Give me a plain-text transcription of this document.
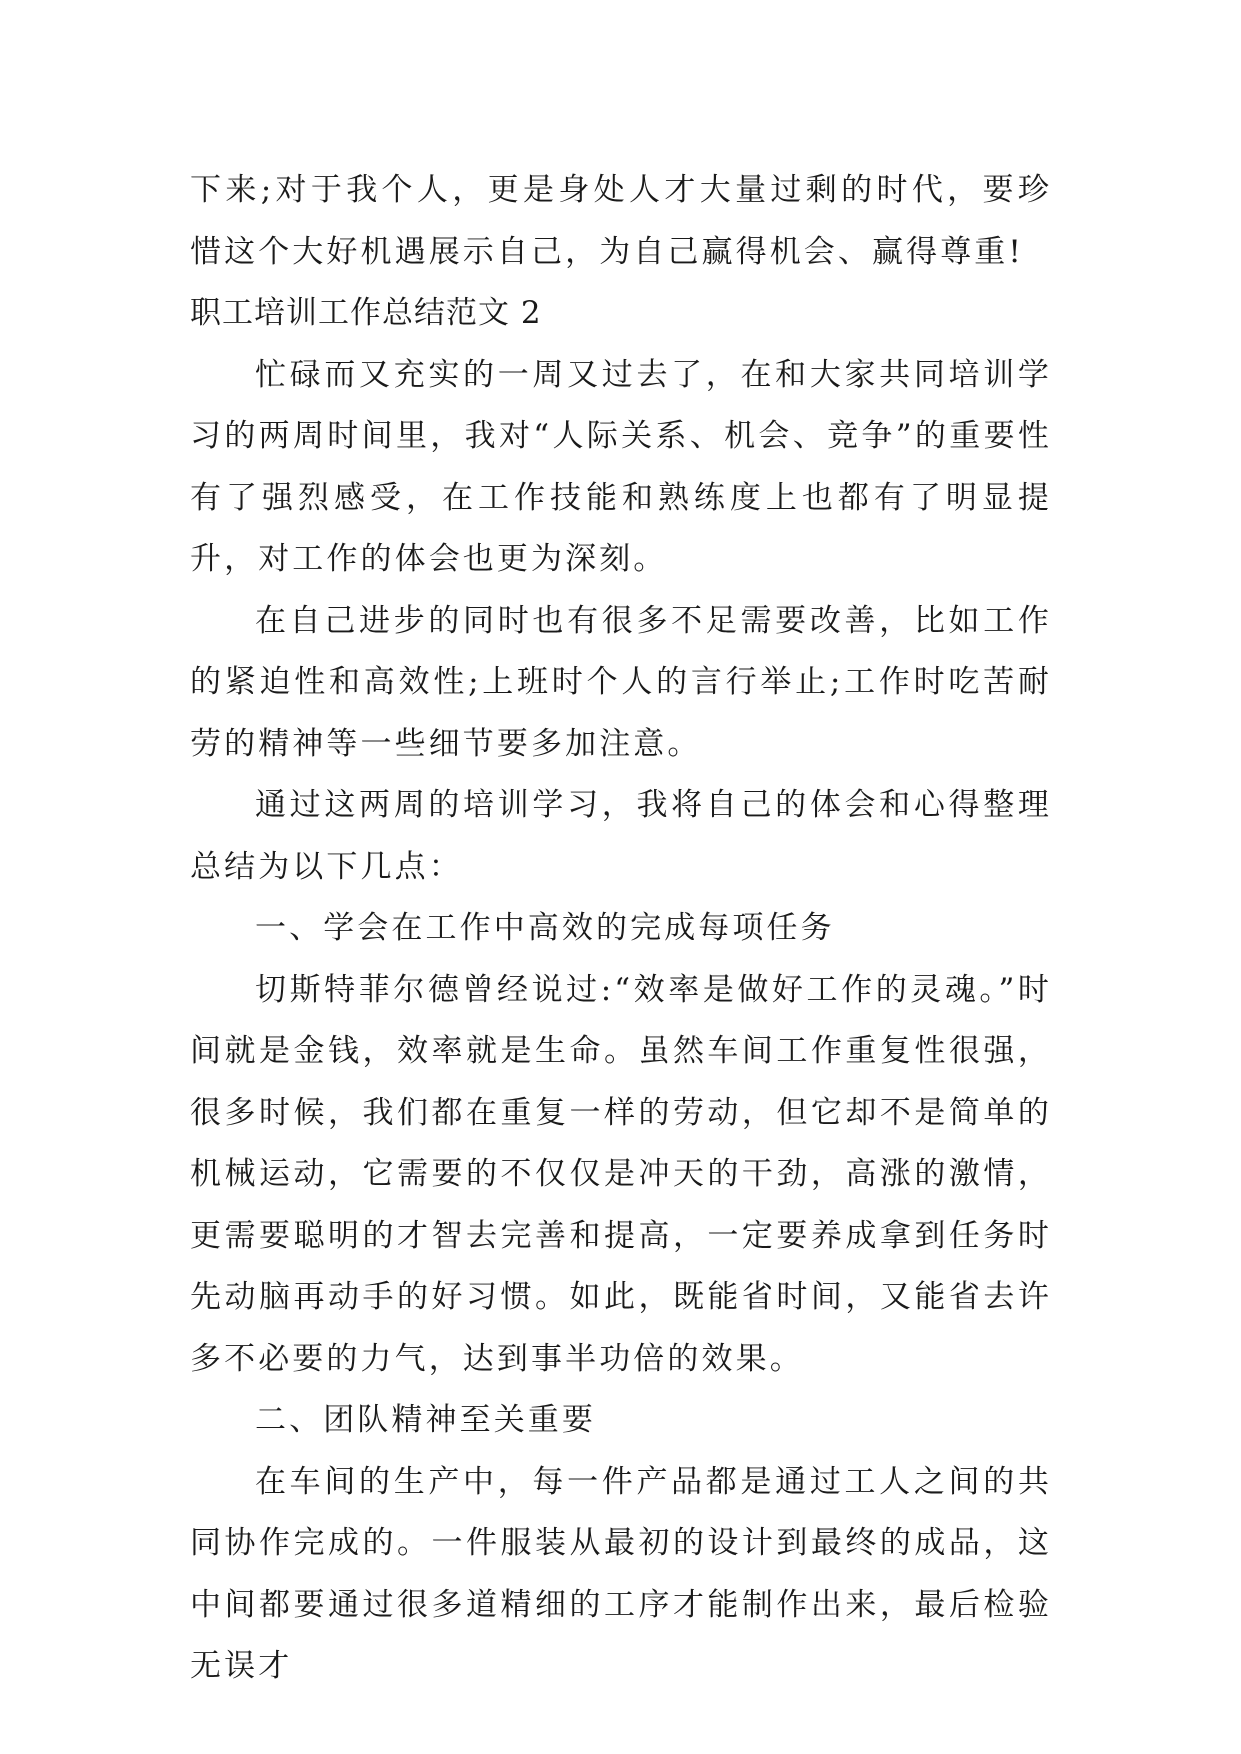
下来;对于我个人，更是身处人才大量过剩的时代，要珍惜这个大好机遇展示自己，为自己赢得机会、赢得尊重!

职工培训工作总结范文 2

忙碌而又充实的一周又过去了，在和大家共同培训学习的两周时间里，我对“人际关系、机会、竞争”的重要性有了强烈感受，在工作技能和熟练度上也都有了明显提升，对工作的体会也更为深刻。

在自己进步的同时也有很多不足需要改善，比如工作的紧迫性和高效性;上班时个人的言行举止;工作时吃苦耐劳的精神等一些细节要多加注意。

通过这两周的培训学习，我将自己的体会和心得整理总结为以下几点：

一、学会在工作中高效的完成每项任务

切斯特菲尔德曾经说过:“效率是做好工作的灵魂。”时间就是金钱，效率就是生命。虽然车间工作重复性很强，很多时候，我们都在重复一样的劳动，但它却不是简单的机械运动，它需要的不仅仅是冲天的干劲，高涨的激情，更需要聪明的才智去完善和提高，一定要养成拿到任务时先动脑再动手的好习惯。如此，既能省时间，又能省去许多不必要的力气，达到事半功倍的效果。

二、团队精神至关重要

在车间的生产中，每一件产品都是通过工人之间的共同协作完成的。一件服装从最初的设计到最终的成品，这中间都要通过很多道精细的工序才能制作出来，最后检验无误才
